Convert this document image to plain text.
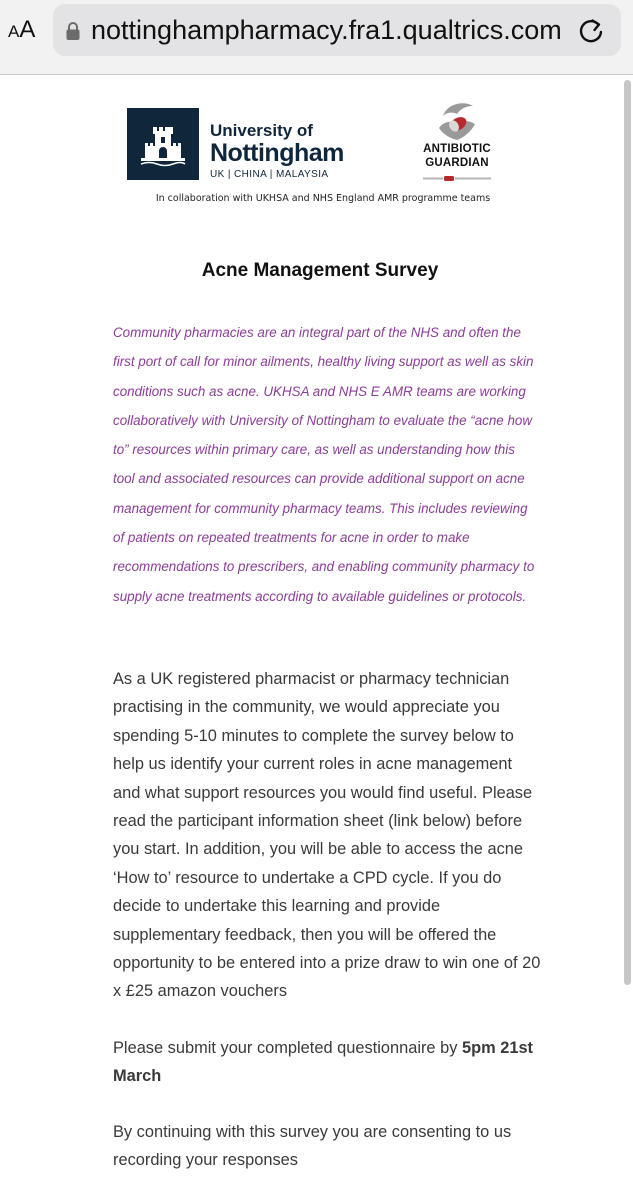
AA nottinghampharmacy.fra1.qualtrics.com
University of
Nottingham
UK | CHINA | MALAYSIA
ANTIBIOTIC
GUARDIAN
In collaboration with UKHSA and NHS England AMR programme teams
Acne Management Survey

Community pharmacies are an integral part of the NHS and often the first port of call for minor ailments, healthy living support as well as skin conditions such as acne. UKHSA and NHS E AMR teams are working collaboratively with University of Nottingham to evaluate the “acne how to” resources within primary care, as well as understanding how this tool and associated resources can provide additional support on acne management for community pharmacy teams. This includes reviewing of patients on repeated treatments for acne in order to make recommendations to prescribers, and enabling community pharmacy to supply acne treatments according to available guidelines or protocols.

As a UK registered pharmacist or pharmacy technician practising in the community, we would appreciate you spending 5-10 minutes to complete the survey below to help us identify your current roles in acne management and what support resources you would find useful. Please read the participant information sheet (link below) before you start. In addition, you will be able to access the acne ‘How to’ resource to undertake a CPD cycle. If you do decide to undertake this learning and provide supplementary feedback, then you will be offered the opportunity to be entered into a prize draw to win one of 20 x £25 amazon vouchers

Please submit your completed questionnaire by 5pm 21st March

By continuing with this survey you are consenting to us recording your responses
